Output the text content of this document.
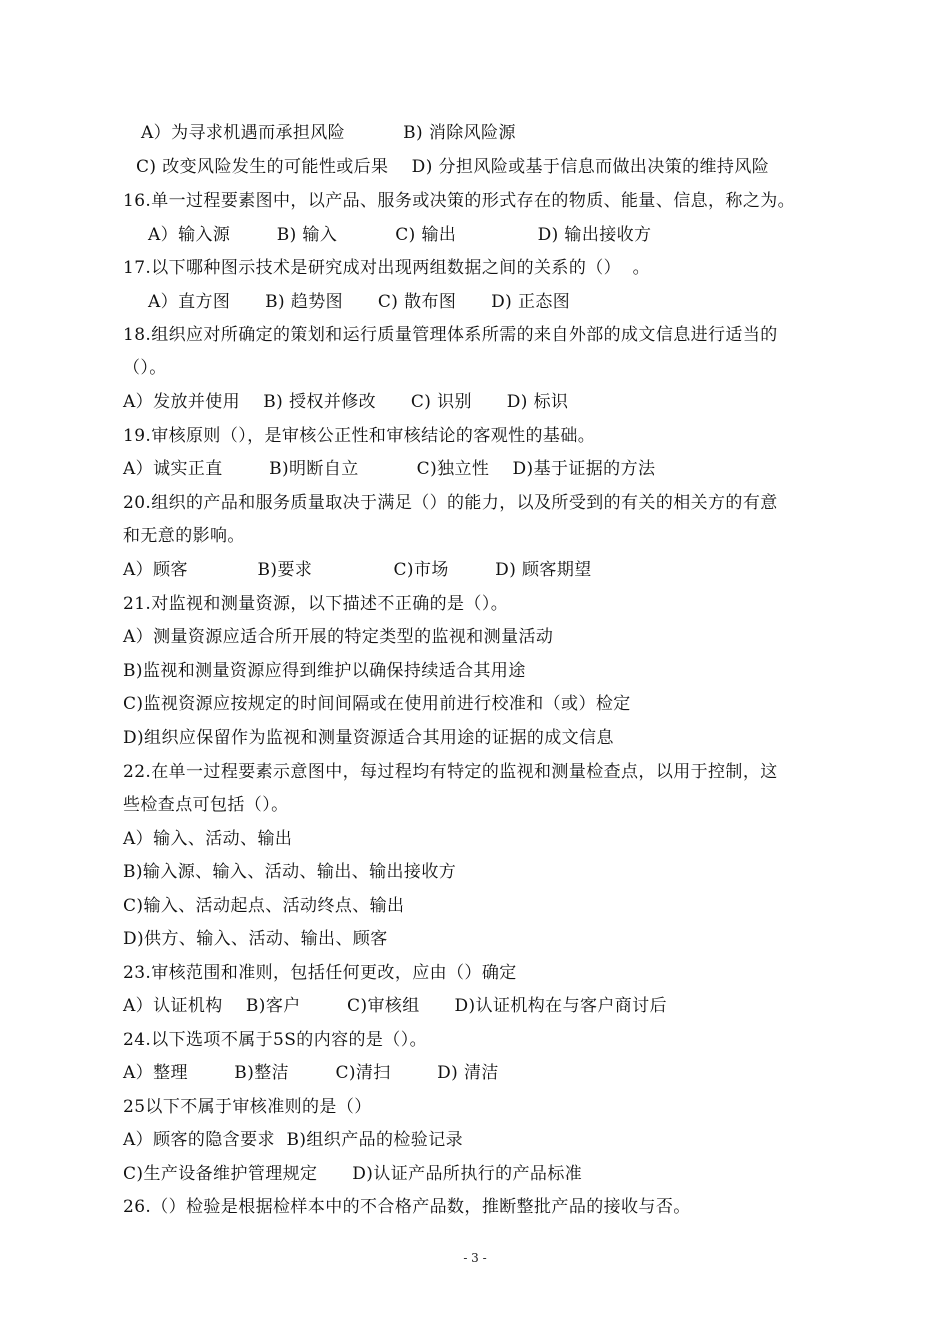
A）为寻求机遇而承担风险          B) 消除风险源
C) 改变风险发生的可能性或后果    D) 分担风险或基于信息而做出决策的维持风险
16.单一过程要素图中，以产品、服务或决策的形式存在的物质、能量、信息，称之为。
A）输入源        B) 输入          C) 输出              D) 输出接收方
17.以下哪种图示技术是研究成对出现两组数据之间的关系的（）  。
A）直方图      B) 趋势图      C) 散布图      D) 正态图
18.组织应对所确定的策划和运行质量管理体系所需的来自外部的成文信息进行适当的
（）。
A）发放并使用    B) 授权并修改      C) 识别      D) 标识
19.审核原则（），是审核公正性和审核结论的客观性的基础。
A）诚实正直        B)明断自立          C)独立性    D)基于证据的方法
20.组织的产品和服务质量取决于满足（）的能力，以及所受到的有关的相关方的有意
和无意的影响。
A）顾客            B)要求              C)市场        D) 顾客期望
21.对监视和测量资源，以下描述不正确的是（）。
A）测量资源应适合所开展的特定类型的监视和测量活动
B)监视和测量资源应得到维护以确保持续适合其用途
C)监视资源应按规定的时间间隔或在使用前进行校准和（或）检定
D)组织应保留作为监视和测量资源适合其用途的证据的成文信息
22.在单一过程要素示意图中，每过程均有特定的监视和测量检查点，以用于控制，这
些检查点可包括（）。
A）输入、活动、输出
B)输入源、输入、活动、输出、输出接收方
C)输入、活动起点、活动终点、输出
D)供方、输入、活动、输出、顾客
23.审核范围和准则，包括任何更改，应由（）确定
A）认证机构    B)客户        C)审核组      D)认证机构在与客户商讨后
24.以下选项不属于5S的内容的是（）。
A）整理        B)整洁        C)清扫        D) 清洁
25以下不属于审核准则的是（）
A）顾客的隐含要求  B)组织产品的检验记录
C)生产设备维护管理规定      D)认证产品所执行的产品标准
26.（）检验是根据检样本中的不合格产品数，推断整批产品的接收与否。
- 3 -
